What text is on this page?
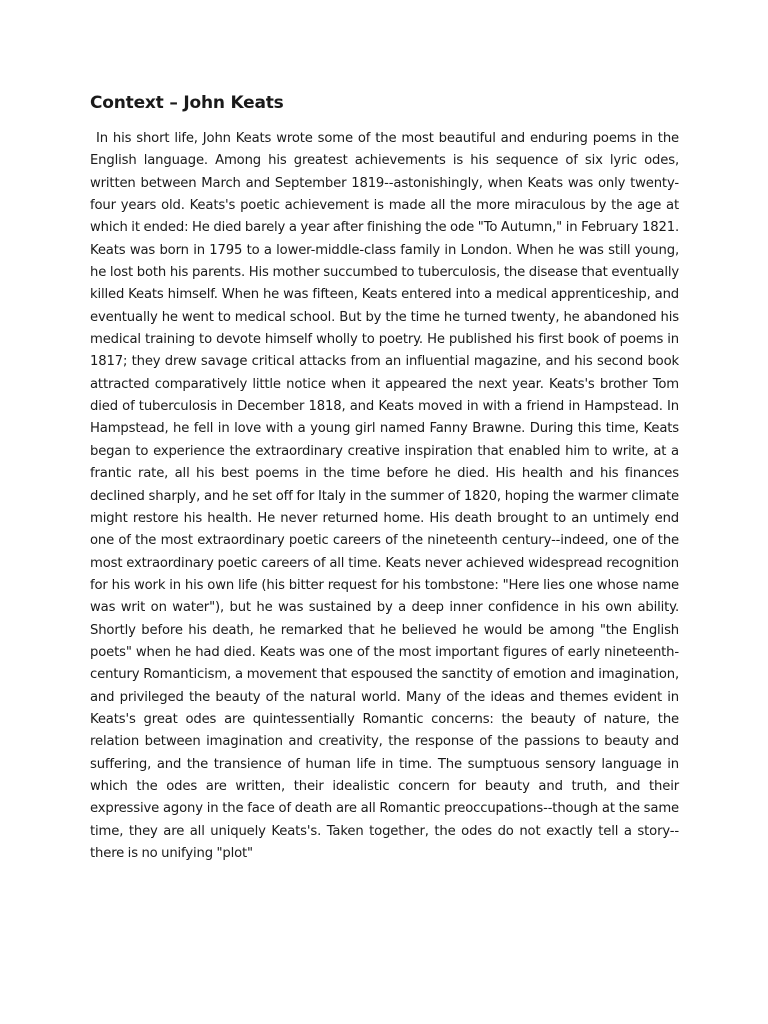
Context – John Keats

In his short life, John Keats wrote some of the most beautiful and enduring poems in the English language. Among his greatest achievements is his sequence of six lyric odes, written between March and September 1819--astonishingly, when Keats was only twenty-four years old. Keats's poetic achievement is made all the more miraculous by the age at which it ended: He died barely a year after finishing the ode "To Autumn," in February 1821. Keats was born in 1795 to a lower-middle-class family in London. When he was still young, he lost both his parents. His mother succumbed to tuberculosis, the disease that eventually killed Keats himself. When he was fifteen, Keats entered into a medical apprenticeship, and eventually he went to medical school. But by the time he turned twenty, he abandoned his medical training to devote himself wholly to poetry. He published his first book of poems in 1817; they drew savage critical attacks from an influential magazine, and his second book attracted comparatively little notice when it appeared the next year. Keats's brother Tom died of tuberculosis in December 1818, and Keats moved in with a friend in Hampstead. In Hampstead, he fell in love with a young girl named Fanny Brawne. During this time, Keats began to experience the extraordinary creative inspiration that enabled him to write, at a frantic rate, all his best poems in the time before he died. His health and his finances declined sharply, and he set off for Italy in the summer of 1820, hoping the warmer climate might restore his health. He never returned home. His death brought to an untimely end one of the most extraordinary poetic careers of the nineteenth century--indeed, one of the most extraordinary poetic careers of all time. Keats never achieved widespread recognition for his work in his own life (his bitter request for his tombstone: "Here lies one whose name was writ on water"), but he was sustained by a deep inner confidence in his own ability. Shortly before his death, he remarked that he believed he would be among "the English poets" when he had died. Keats was one of the most important figures of early nineteenth-century Romanticism, a movement that espoused the sanctity of emotion and imagination, and privileged the beauty of the natural world. Many of the ideas and themes evident in Keats's great odes are quintessentially Romantic concerns: the beauty of nature, the relation between imagination and creativity, the response of the passions to beauty and suffering, and the transience of human life in time. The sumptuous sensory language in which the odes are written, their idealistic concern for beauty and truth, and their expressive agony in the face of death are all Romantic preoccupations--though at the same time, they are all uniquely Keats's. Taken together, the odes do not exactly tell a story--there is no unifying "plot"
